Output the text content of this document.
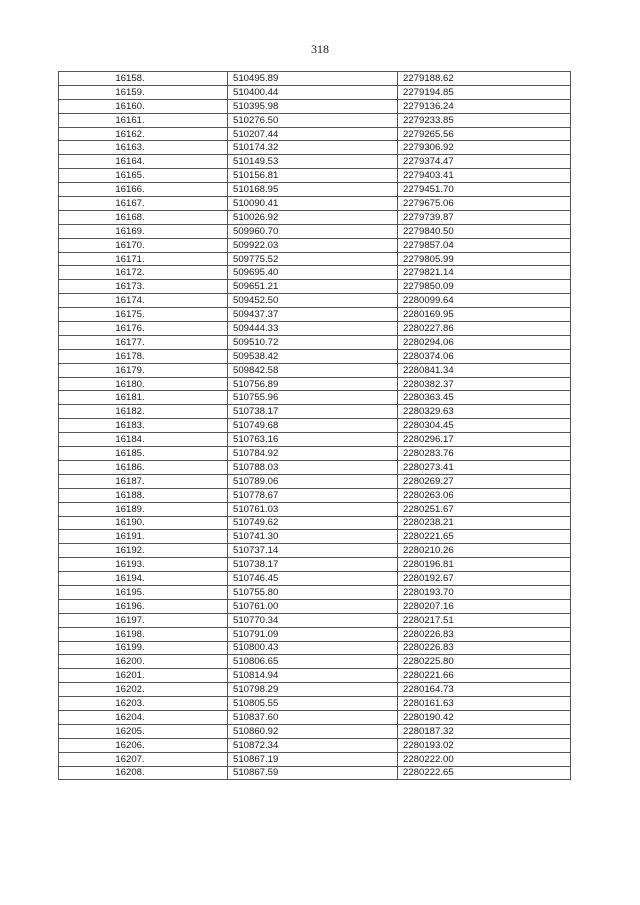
318
16158.	510495.89	2279188.62
16159.	510400.44	2279194.85
16160.	510395.98	2279136.24
16161.	510276.50	2279233.85
16162.	510207.44	2279265.56
16163.	510174.32	2279306.92
16164.	510149.53	2279374.47
16165.	510156.81	2279403.41
16166.	510168.95	2279451.70
16167.	510090.41	2279675.06
16168.	510026.92	2279739.87
16169.	509960.70	2279840.50
16170.	509922.03	2279857.04
16171.	509775.52	2279805.99
16172.	509695.40	2279821.14
16173.	509651.21	2279850.09
16174.	509452.50	2280099.64
16175.	509437.37	2280169.95
16176.	509444.33	2280227.86
16177.	509510.72	2280294.06
16178.	509538.42	2280374.06
16179.	509842.58	2280841.34
16180.	510756.89	2280382.37
16181.	510755.96	2280363.45
16182.	510738.17	2280329.63
16183.	510749.68	2280304.45
16184.	510763.16	2280296.17
16185.	510784.92	2280283.76
16186.	510788.03	2280273.41
16187.	510789.06	2280269.27
16188.	510778.67	2280263.06
16189.	510761.03	2280251.67
16190.	510749.62	2280238.21
16191.	510741.30	2280221.65
16192.	510737.14	2280210.26
16193.	510738.17	2280196.81
16194.	510746.45	2280192.67
16195.	510755.80	2280193.70
16196.	510761.00	2280207.16
16197.	510770.34	2280217.51
16198.	510791.09	2280226.83
16199.	510800.43	2280226.83
16200.	510806.65	2280225.80
16201.	510814.94	2280221.66
16202.	510798.29	2280164.73
16203.	510805.55	2280161.63
16204.	510837.60	2280190.42
16205.	510860.92	2280187.32
16206.	510872.34	2280193.02
16207.	510867.19	2280222.00
16208.	510867.59	2280222.65
